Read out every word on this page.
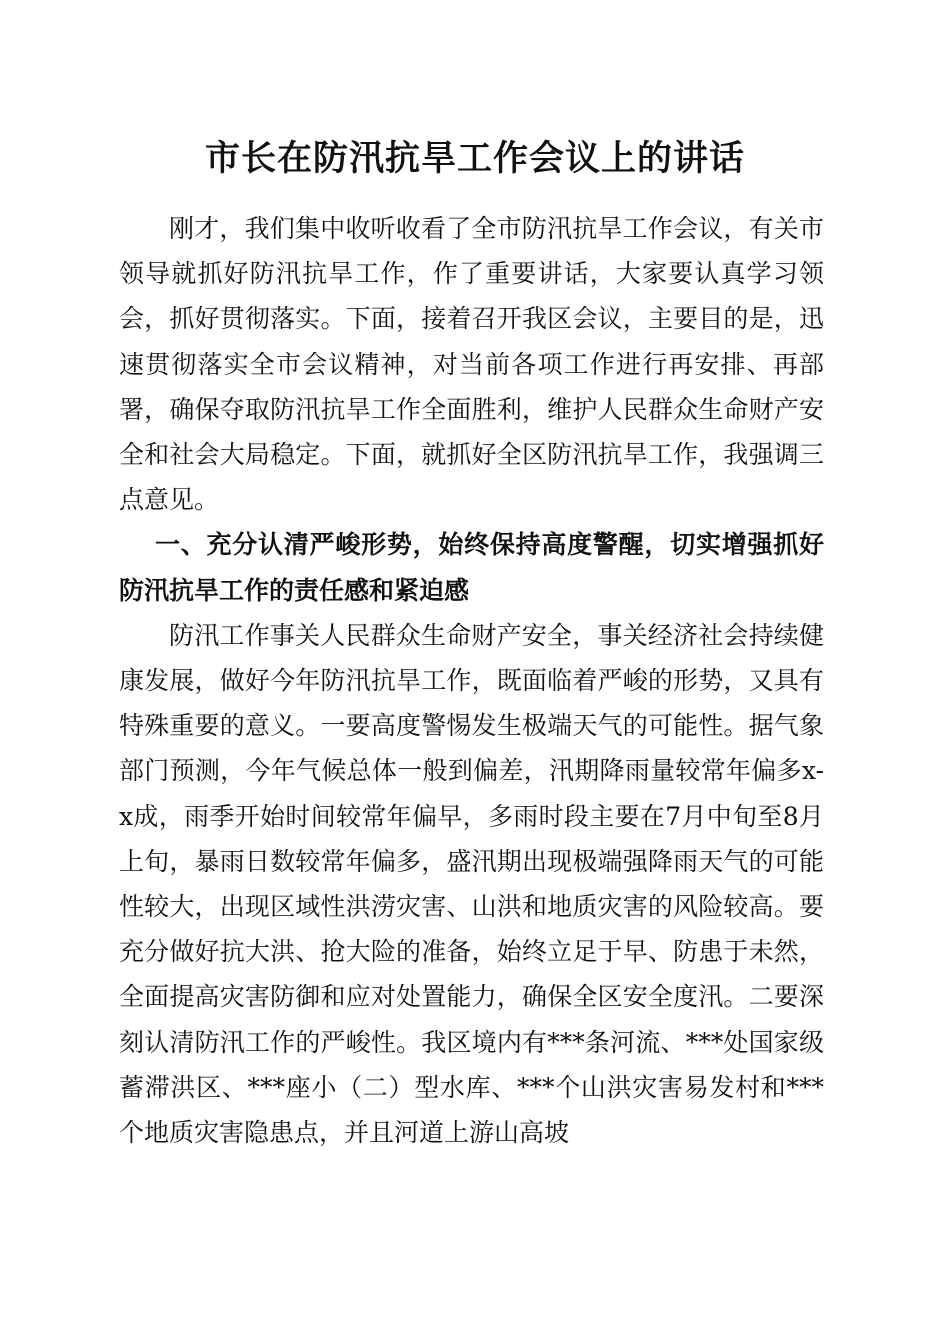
市长在防汛抗旱工作会议上的讲话

刚才，我们集中收听收看了全市防汛抗旱工作会议，有关市领导就抓好防汛抗旱工作，作了重要讲话，大家要认真学习领会，抓好贯彻落实。下面，接着召开我区会议，主要目的是，迅速贯彻落实全市会议精神，对当前各项工作进行再安排、再部署，确保夺取防汛抗旱工作全面胜利，维护人民群众生命财产安全和社会大局稳定。下面，就抓好全区防汛抗旱工作，我强调三点意见。

一、充分认清严峻形势，始终保持高度警醒，切实增强抓好防汛抗旱工作的责任感和紧迫感

防汛工作事关人民群众生命财产安全，事关经济社会持续健康发展，做好今年防汛抗旱工作，既面临着严峻的形势，又具有特殊重要的意义。一要高度警惕发生极端天气的可能性。据气象部门预测，今年气候总体一般到偏差，汛期降雨量较常年偏多x-x成，雨季开始时间较常年偏早，多雨时段主要在7月中旬至8月上旬，暴雨日数较常年偏多，盛汛期出现极端强降雨天气的可能性较大，出现区域性洪涝灾害、山洪和地质灾害的风险较高。要充分做好抗大洪、抢大险的准备，始终立足于早、防患于未然，全面提高灾害防御和应对处置能力，确保全区安全度汛。二要深刻认清防汛工作的严峻性。我区境内有***条河流、***处国家级蓄滞洪区、***座小（二）型水库、***个山洪灾害易发村和***个地质灾害隐患点，并且河道上游山高坡
